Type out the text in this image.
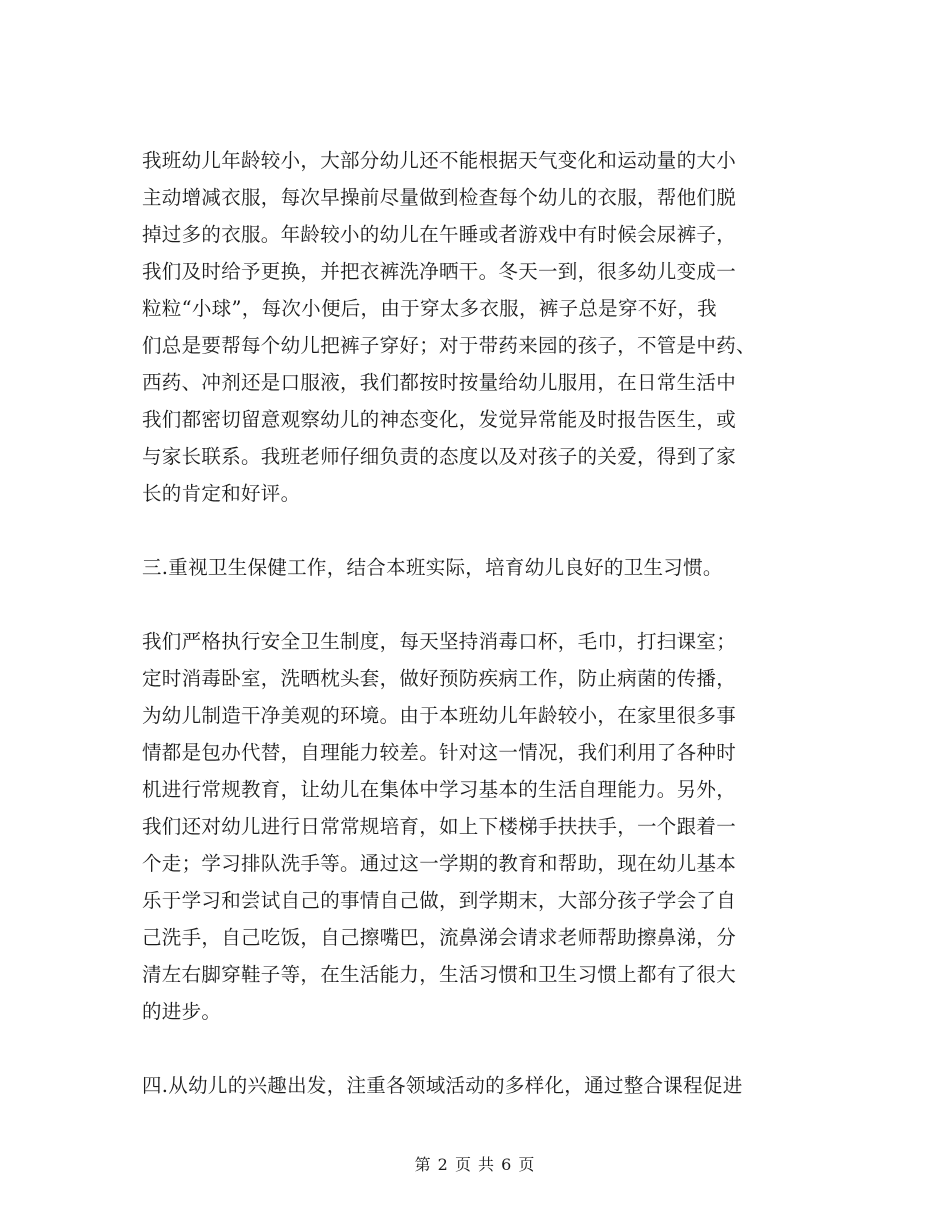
我班幼儿年龄较小，大部分幼儿还不能根据天气变化和运动量的大小
主动增减衣服，每次早操前尽量做到检查每个幼儿的衣服，帮他们脱
掉过多的衣服。年龄较小的幼儿在午睡或者游戏中有时候会尿裤子，
我们及时给予更换，并把衣裤洗净晒干。冬天一到，很多幼儿变成一
粒粒“小球”，每次小便后，由于穿太多衣服，裤子总是穿不好，我
们总是要帮每个幼儿把裤子穿好；对于带药来园的孩子，不管是中药、
西药、冲剂还是口服液，我们都按时按量给幼儿服用，在日常生活中
我们都密切留意观察幼儿的神态变化，发觉异常能及时报告医生，或
与家长联系。我班老师仔细负责的态度以及对孩子的关爱，得到了家
长的肯定和好评。

三.重视卫生保健工作，结合本班实际，培育幼儿良好的卫生习惯。

我们严格执行安全卫生制度，每天坚持消毒口杯，毛巾，打扫课室；
定时消毒卧室，洗晒枕头套，做好预防疾病工作，防止病菌的传播，
为幼儿制造干净美观的环境。由于本班幼儿年龄较小，在家里很多事
情都是包办代替，自理能力较差。针对这一情况，我们利用了各种时
机进行常规教育，让幼儿在集体中学习基本的生活自理能力。另外，
我们还对幼儿进行日常常规培育，如上下楼梯手扶扶手，一个跟着一
个走；学习排队洗手等。通过这一学期的教育和帮助，现在幼儿基本
乐于学习和尝试自己的事情自己做，到学期末，大部分孩子学会了自
己洗手，自己吃饭，自己擦嘴巴，流鼻涕会请求老师帮助擦鼻涕，分
清左右脚穿鞋子等，在生活能力，生活习惯和卫生习惯上都有了很大
的进步。

四.从幼儿的兴趣出发，注重各领域活动的多样化，通过整合课程促进

第 2 页 共 6 页
